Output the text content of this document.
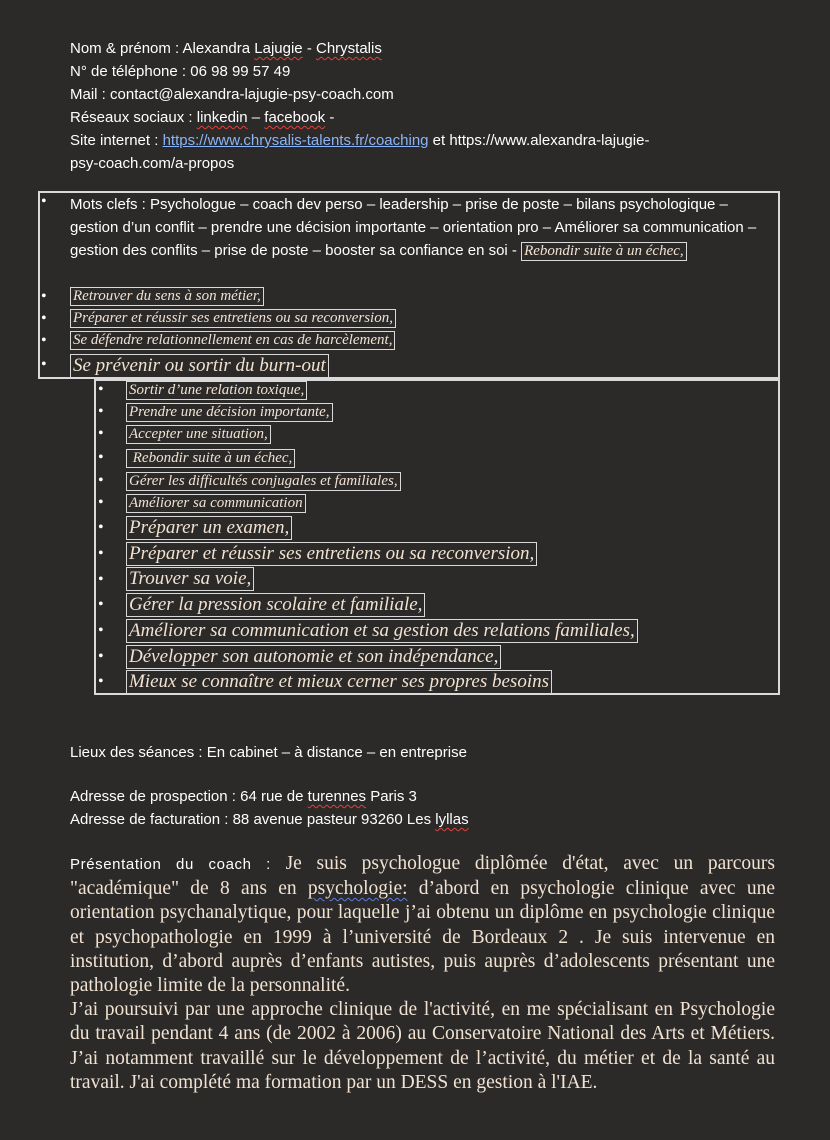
Nom & prénom : Alexandra Lajugie - Chrystalis
N° de téléphone : 06 98 99 57 49
Mail : contact@alexandra-lajugie-psy-coach.com
Réseaux sociaux : linkedin – facebook -
Site internet : https://www.chrysalis-talents.fr/coaching et https://www.alexandra-lajugie-
psy-coach.com/a-propos
•
•
•
•
•
Mots clefs : Psychologue – coach dev perso – leadership – prise de poste – bilans psychologique – gestion d’un conflit – prendre une décision importante – orientation pro – Améliorer sa communication – gestion des conflits – prise de poste – booster sa confiance en soi - Rebondir suite à un échec,
Retrouver du sens à son métier,
Préparer et réussir ses entretiens ou sa reconversion,
Se défendre relationnellement en cas de harcèlement,
Se prévenir ou sortir du burn-out
•
•
•
•
•
•
•
•
•
•
•
•
•
Sortir d’une relation toxique,
Prendre une décision importante,
Accepter une situation,
Rebondir suite à un échec,
Gérer les difficultés conjugales et familiales,
Améliorer sa communication
Préparer un examen,
Préparer et réussir ses entretiens ou sa reconversion,
Trouver sa voie,
Gérer la pression scolaire et familiale,
Améliorer sa communication et sa gestion des relations familiales,
Développer son autonomie et son indépendance,
Mieux se connaître et mieux cerner ses propres besoins
Lieux des séances : En cabinet – à distance – en entreprise
Adresse de prospection : 64 rue de turennes Paris 3
Adresse de facturation : 88 avenue pasteur 93260 Les lyllas

Présentation du coach : Je suis psychologue diplômée d'état, avec un parcours "académique" de 8 ans en psychologie: d’abord en psychologie clinique avec une orientation psychanalytique, pour laquelle j’ai obtenu un diplôme en psychologie clinique et psychopathologie en 1999 à l’université de Bordeaux 2 . Je suis intervenue en institution, d’abord auprès d’enfants autistes, puis auprès d’adolescents présentant une pathologie limite de la personnalité.

J’ai poursuivi par une approche clinique de l'activité, en me spécialisant en Psychologie du travail pendant 4 ans (de 2002 à 2006) au Conservatoire National des Arts et Métiers. J’ai notamment travaillé sur le développement de l’activité, du métier et de la santé au travail. J'ai complété ma formation par un DESS en gestion à l'IAE.
